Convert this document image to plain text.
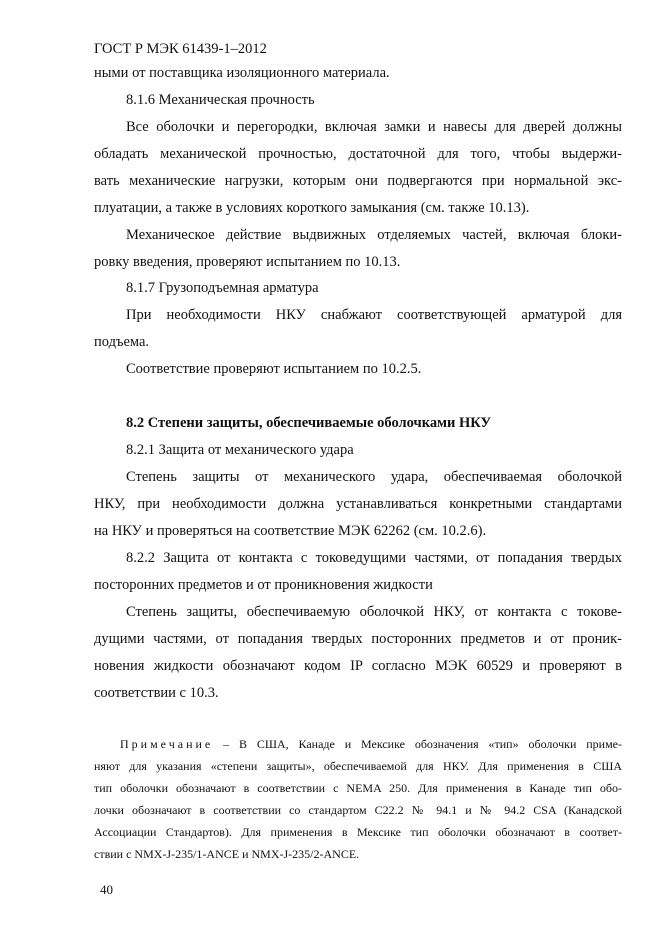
ГОСТ Р МЭК 61439-1–2012
ными от поставщика изоляционного материала.
8.1.6 Механическая прочность
Все оболочки и перегородки, включая замки и навесы для дверей должны
обладать механической прочностью, достаточной для того, чтобы выдержи-
вать механические нагрузки, которым они подвергаются при нормальной экс-
плуатации, а также в условиях короткого замыкания (см. также 10.13).
Механическое действие выдвижных отделяемых частей, включая блоки-
ровку введения, проверяют испытанием по 10.13.
8.1.7 Грузоподъемная арматура
При необходимости НКУ снабжают соответствующей арматурой для
подъема.
Соответствие проверяют испытанием по 10.2.5.
8.2 Степени защиты, обеспечиваемые оболочками НКУ
8.2.1 Защита от механического удара
Степень защиты от механического удара, обеспечиваемая оболочкой
НКУ, при необходимости должна устанавливаться конкретными стандартами
на НКУ и проверяться на соответствие МЭК 62262 (см. 10.2.6).
8.2.2 Защита от контакта с токоведущими частями, от попадания твердых
посторонних предметов и от проникновения жидкости
Степень защиты, обеспечиваемую оболочкой НКУ, от контакта с токове-
дущими частями, от попадания твердых посторонних предметов и от проник-
новения жидкости обозначают кодом IP согласно МЭК 60529 и проверяют в
соответствии с 10.3.
Примечание – В США, Канаде и Мексике обозначения «тип» оболочки приме-
няют для указания «степени защиты», обеспечиваемой для НКУ. Для применения в США
тип оболочки обозначают в соответствии с NEMA 250. Для применения в Канаде тип обо-
лочки обозначают в соответствии со стандартом C22.2 № 94.1 и № 94.2 CSA (Канадской
Ассоциации Стандартов). Для применения в Мексике тип оболочки обозначают в соответ-
ствии с NMX-J-235/1-ANCE и NMX-J-235/2-ANCE.
40
